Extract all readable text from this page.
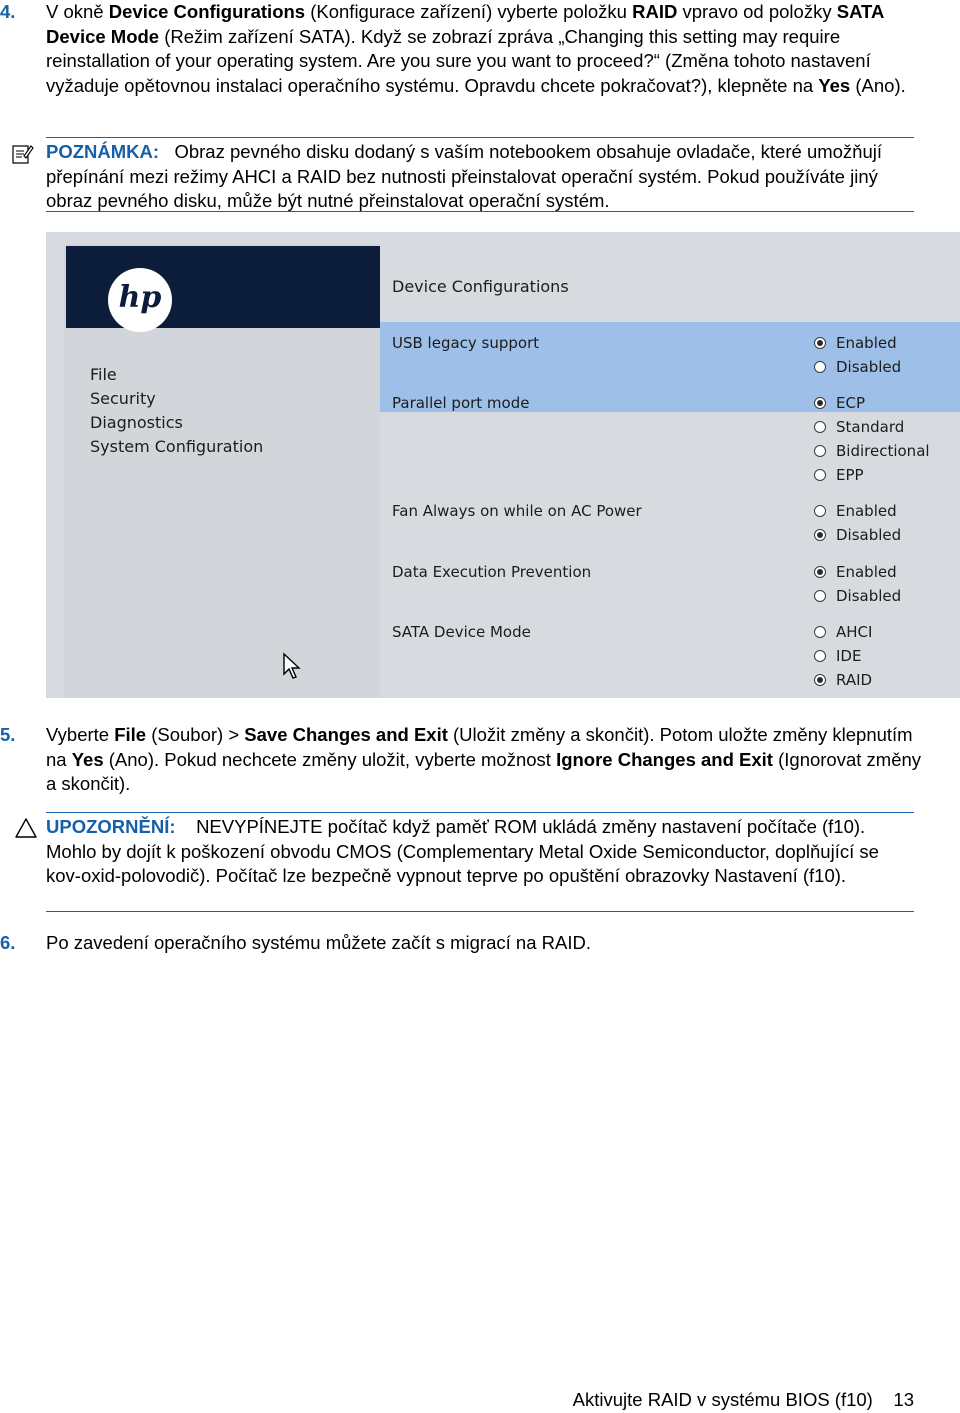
4. V okně Device Configurations (Konfigurace zařízení) vyberte položku RAID vpravo od položky SATA Device Mode (Režim zařízení SATA). Když se zobrazí zpráva „Changing this setting may require reinstallation of your operating system. Are you sure you want to proceed?“ (Změna tohoto nastavení vyžaduje opětovnou instalaci operačního systému. Opravdu chcete pokračovat?), klepněte na Yes (Ano).
POZNÁMKA: Obraz pevného disku dodaný s vaším notebookem obsahuje ovladače, které umožňují přepínání mezi režimy AHCI a RAID bez nutnosti přeinstalovat operační systém. Pokud používáte jiný obraz pevného disku, může být nutné přeinstalovat operační systém.
hp
File
Security
Diagnostics
System Configuration
Device Configurations
USB legacy support	Enabled
Disabled
Parallel port mode	ECP
Standard
Bidirectional
EPP
Fan Always on while on AC Power	Enabled
Disabled
Data Execution Prevention	Enabled
Disabled
SATA Device Mode	AHCI
IDE
RAID
5. Vyberte File (Soubor) > Save Changes and Exit (Uložit změny a skončit). Potom uložte změny klepnutím na Yes (Ano). Pokud nechcete změny uložit, vyberte možnost Ignore Changes and Exit (Ignorovat změny a skončit).
UPOZORNĚNÍ: NEVYPÍNEJTE počítač když paměť ROM ukládá změny nastavení počítače (f10). Mohlo by dojít k poškození obvodu CMOS (Complementary Metal Oxide Semiconductor, doplňující se kov-oxid-polovodič). Počítač lze bezpečně vypnout teprve po opuštění obrazovky Nastavení (f10).
6. Po zavedení operačního systému můžete začít s migrací na RAID.
Aktivujte RAID v systému BIOS (f10) 13
